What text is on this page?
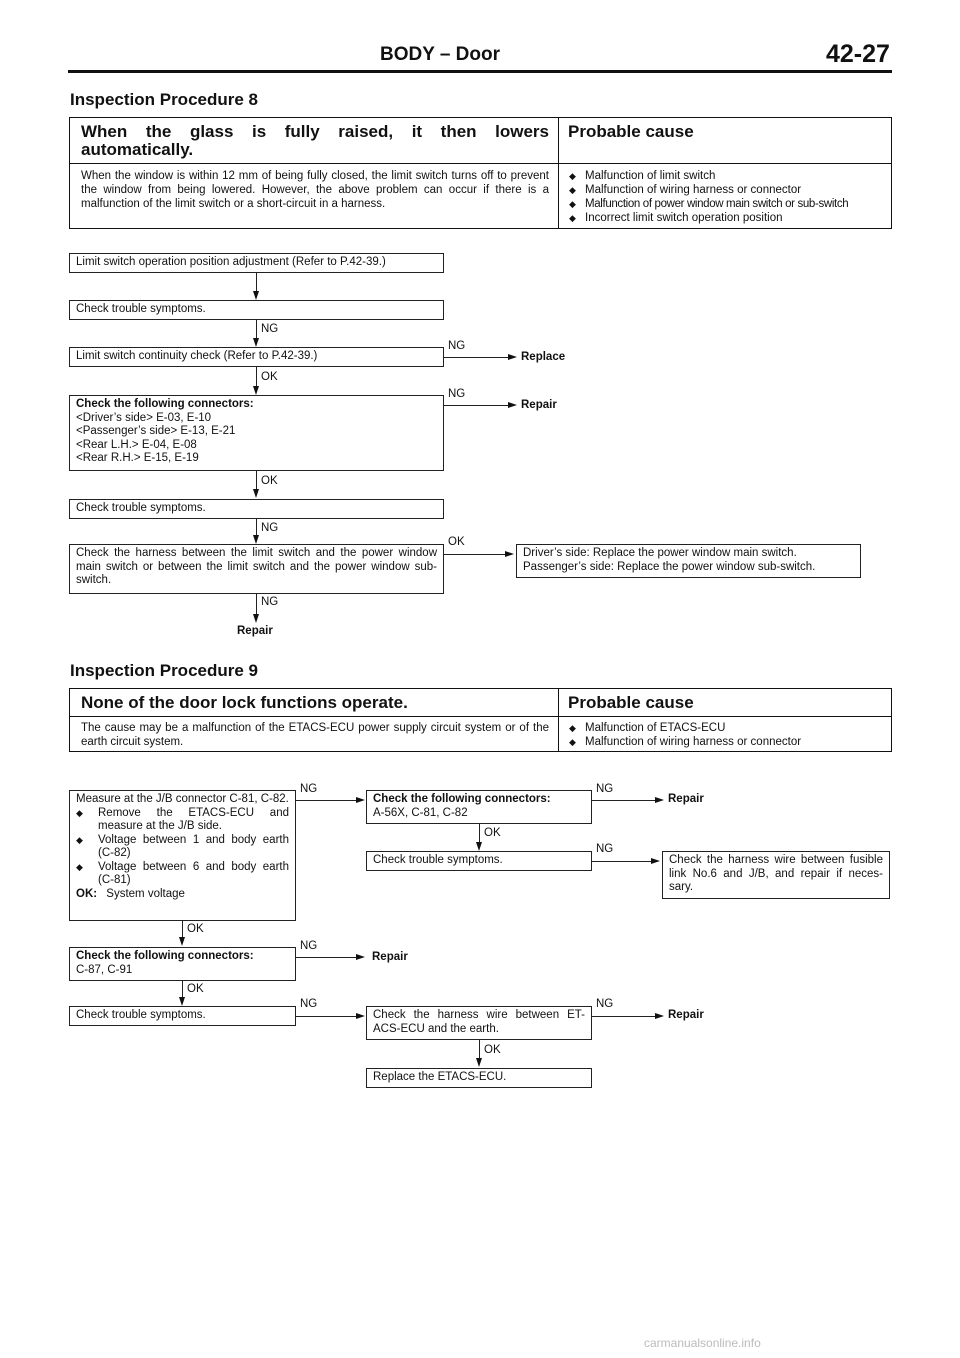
BODY – Door	42-27
Inspection Procedure 8
When the glass is fully raised, it then lowers automatically.
Probable cause
When the window is within 12 mm of being fully closed, the limit switch turns off to prevent the window from being lowered. However, the above problem can occur if there is a malfunction of the limit switch or a short-circuit in a harness.
◆ Malfunction of limit switch
◆ Malfunction of wiring harness or connector
◆ Malfunction of power window main switch or sub-switch
◆ Incorrect limit switch operation position
Limit switch operation position adjustment (Refer to P.42-39.)
Check trouble symptoms.
NG
Limit switch continuity check (Refer to P.42-39.)
NG
Replace
OK
Check the following connectors:
<Driver’s side> E-03, E-10
<Passenger’s side> E-13, E-21
<Rear L.H.> E-04, E-08
<Rear R.H.> E-15, E-19
NG
Repair
OK
Check trouble symptoms.
NG
Check the harness between the limit switch and the power window main switch or between the limit switch and the power window sub-switch.
OK
Driver’s side: Replace the power window main switch.
Passenger’s side: Replace the power window sub-switch.
NG
Repair
Inspection Procedure 9
None of the door lock functions operate.	Probable cause
The cause may be a malfunction of the ETACS-ECU power supply circuit system or of the earth circuit system.
◆ Malfunction of ETACS-ECU
◆ Malfunction of wiring harness or connector
Measure at the J/B connector C-81, C-82.
◆ Remove the ETACS-ECU and measure at the J/B side.
◆ Voltage between 1 and body earth (C-82)
◆ Voltage between 6 and body earth (C-81)
OK: System voltage
NG
Check the following connectors:
A-56X, C-81, C-82
NG
Repair
OK
Check trouble symptoms.
NG
Check the harness wire between fusible link No.6 and J/B, and repair if neces-sary.
OK
Check the following connectors:
C-87, C-91
NG
Repair
OK
Check trouble symptoms.
NG
Check the harness wire between ET-ACS-ECU and the earth.
NG
Repair
OK
Replace the ETACS-ECU.
carmanualsonline.info
